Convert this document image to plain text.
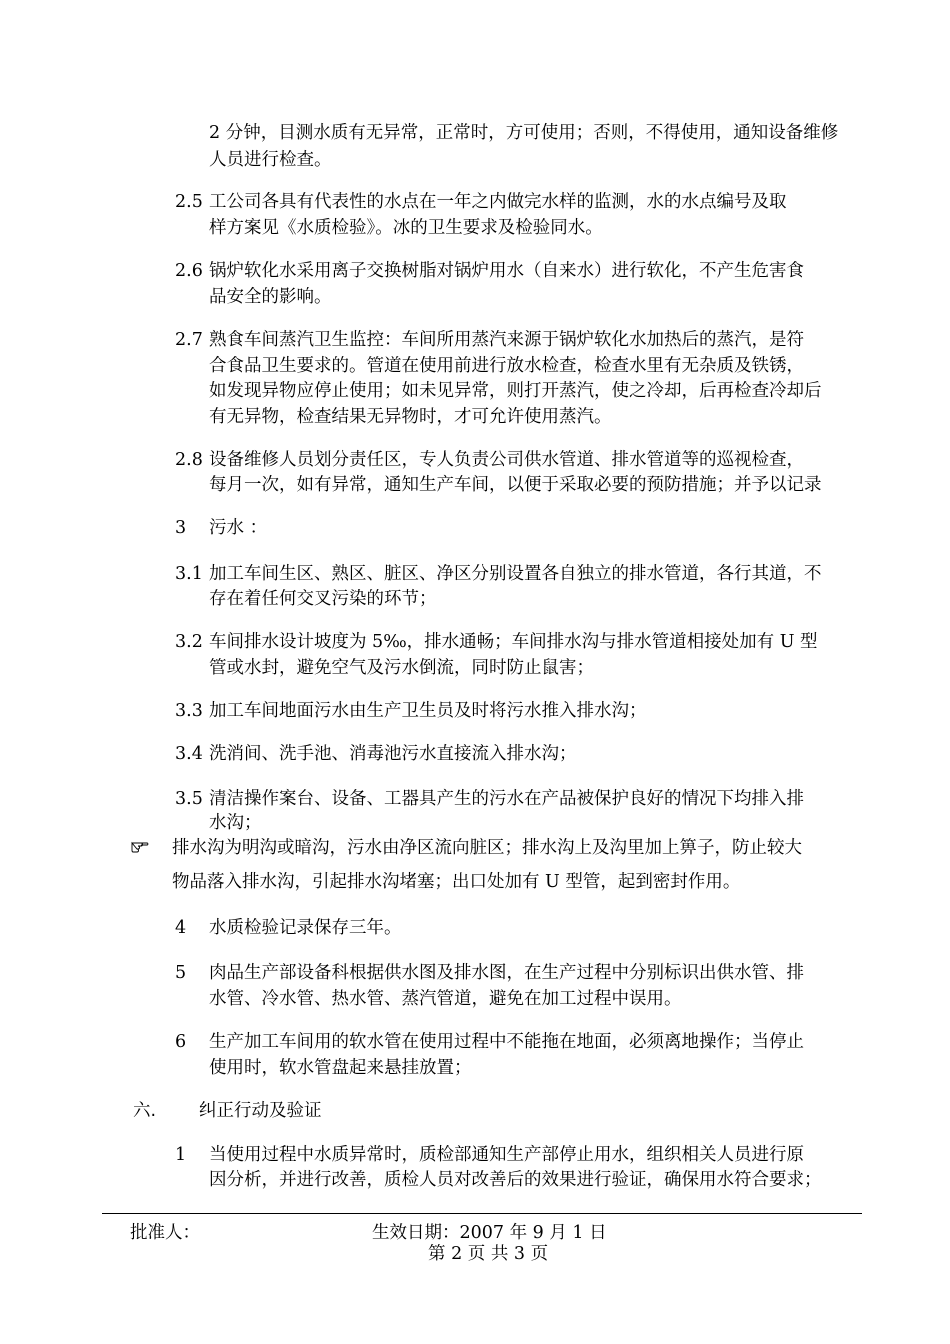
2 分钟，目测水质有无异常，正常时，方可使用；否则，不得使用，通知设备维修
人员进行检查。
2.5 工公司各具有代表性的水点在一年之内做完水样的监测，水的水点编号及取
样方案见《水质检验》。冰的卫生要求及检验同水。
2.6 锅炉软化水采用离子交换树脂对锅炉用水（自来水）进行软化，不产生危害食
品安全的影响。
2.7 熟食车间蒸汽卫生监控：车间所用蒸汽来源于锅炉软化水加热后的蒸汽，是符
合食品卫生要求的。管道在使用前进行放水检查，检查水里有无杂质及铁锈，
如发现异物应停止使用；如未见异常，则打开蒸汽，使之冷却，后再检查冷却后
有无异物，检查结果无异物时，才可允许使用蒸汽。
2.8 设备维修人员划分责任区，专人负责公司供水管道、排水管道等的巡视检查，
每月一次，如有异常，通知生产车间，以便于采取必要的预防措施；并予以记录
3 污水 ：
3.1 加工车间生区、熟区、脏区、净区分别设置各自独立的排水管道，各行其道，不
存在着任何交叉污染的环节；
3.2 车间排水设计坡度为 5‰，排水通畅；车间排水沟与排水管道相接处加有 U 型
管或水封，避免空气及污水倒流，同时防止鼠害；
3.3 加工车间地面污水由生产卫生员及时将污水推入排水沟；
3.4 洗消间、洗手池、消毒池污水直接流入排水沟；
3.5 清洁操作案台、设备、工器具产生的污水在产品被保护良好的情况下均排入排
水沟；
排水沟为明沟或暗沟，污水由净区流向脏区；排水沟上及沟里加上箅子，防止较大
物品落入排水沟，引起排水沟堵塞；出口处加有 U 型管，起到密封作用。
4 水质检验记录保存三年。
5 肉品生产部设备科根据供水图及排水图，在生产过程中分别标识出供水管、排
水管、冷水管、热水管、蒸汽管道，避免在加工过程中误用。
6 生产加工车间用的软水管在使用过程中不能拖在地面，必须离地操作；当停止
使用时，软水管盘起来悬挂放置；
六. 纠正行动及验证
1 当使用过程中水质异常时，质检部通知生产部停止用水，组织相关人员进行原
因分析，并进行改善，质检人员对改善后的效果进行验证，确保用水符合要求；
批准人：	生效日期：2007 年 9 月 1 日
第 2 页 共 3 页
